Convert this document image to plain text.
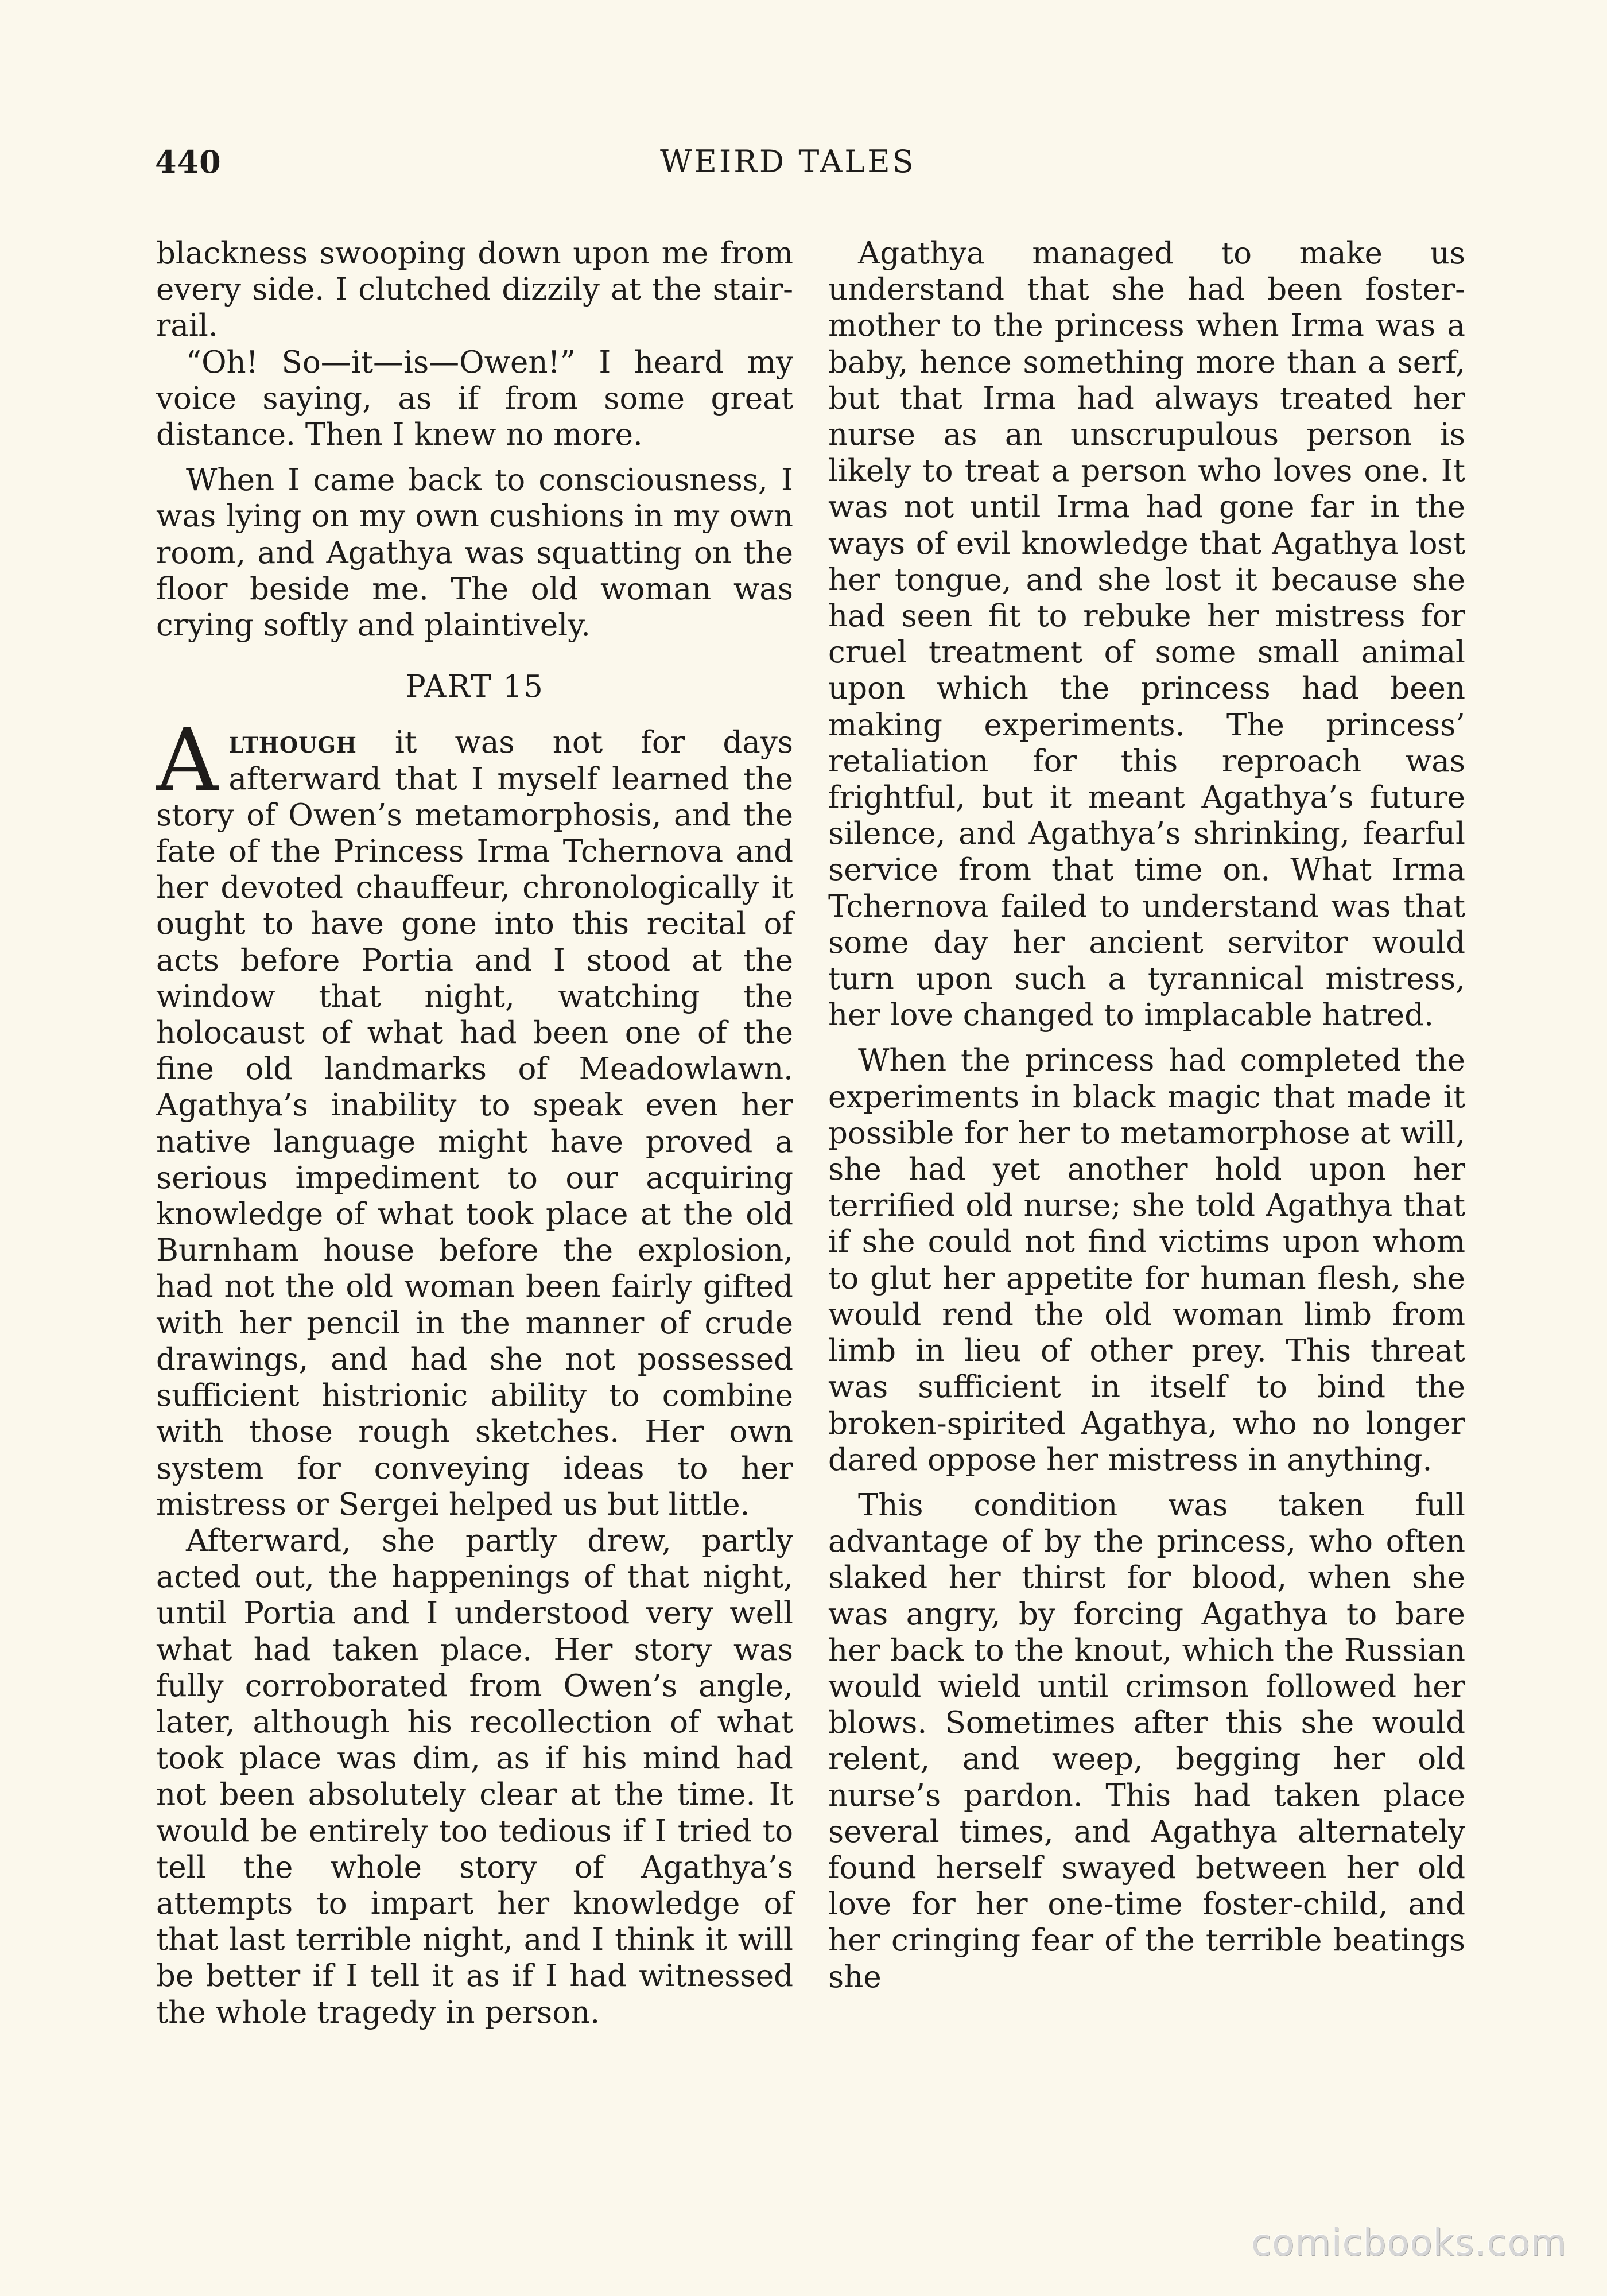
440	WEIRD TALES

blackness swooping down upon me from every side. I clutched dizzily at the stair-rail.

“Oh! So—it—is—Owen!” I heard my voice saying, as if from some great distance. Then I knew no more.

When I came back to consciousness, I was lying on my own cushions in my own room, and Agathya was squatting on the floor beside me. The old woman was crying softly and plaintively.

PART 15

Although it was not for days afterward that I myself learned the story of Owen’s metamorphosis, and the fate of the Princess Irma Tchernova and her devoted chauffeur, chronologically it ought to have gone into this recital of acts before Portia and I stood at the window that night, watching the holocaust of what had been one of the fine old landmarks of Meadowlawn. Agathya’s inability to speak even her native language might have proved a serious impediment to our acquiring knowledge of what took place at the old Burnham house before the explosion, had not the old woman been fairly gifted with her pencil in the manner of crude drawings, and had she not possessed sufficient histrionic ability to combine with those rough sketches. Her own system for conveying ideas to her mistress or Sergei helped us but little.

Afterward, she partly drew, partly acted out, the happenings of that night, until Portia and I understood very well what had taken place. Her story was fully corroborated from Owen’s angle, later, although his recollection of what took place was dim, as if his mind had not been absolutely clear at the time. It would be entirely too tedious if I tried to tell the whole story of Agathya’s attempts to impart her knowledge of that last terrible night, and I think it will be better if I tell it as if I had witnessed the whole tragedy in person.

Agathya managed to make us understand that she had been foster-mother to the princess when Irma was a baby, hence something more than a serf, but that Irma had always treated her nurse as an unscrupulous person is likely to treat a person who loves one. It was not until Irma had gone far in the ways of evil knowledge that Agathya lost her tongue, and she lost it because she had seen fit to rebuke her mistress for cruel treatment of some small animal upon which the princess had been making experiments. The princess’ retaliation for this reproach was frightful, but it meant Agathya’s future silence, and Agathya’s shrinking, fearful service from that time on. What Irma Tchernova failed to understand was that some day her ancient servitor would turn upon such a tyrannical mistress, her love changed to implacable hatred.

When the princess had completed the experiments in black magic that made it possible for her to metamorphose at will, she had yet another hold upon her terrified old nurse; she told Agathya that if she could not find victims upon whom to glut her appetite for human flesh, she would rend the old woman limb from limb in lieu of other prey. This threat was sufficient in itself to bind the broken-spirited Agathya, who no longer dared oppose her mistress in anything.

This condition was taken full advantage of by the princess, who often slaked her thirst for blood, when she was angry, by forcing Agathya to bare her back to the knout, which the Russian would wield until crimson followed her blows. Sometimes after this she would relent, and weep, begging her old nurse’s pardon. This had taken place several times, and Agathya alternately found herself swayed between her old love for her one-time foster-child, and her cringing fear of the terrible beatings she

comicbooks.com
